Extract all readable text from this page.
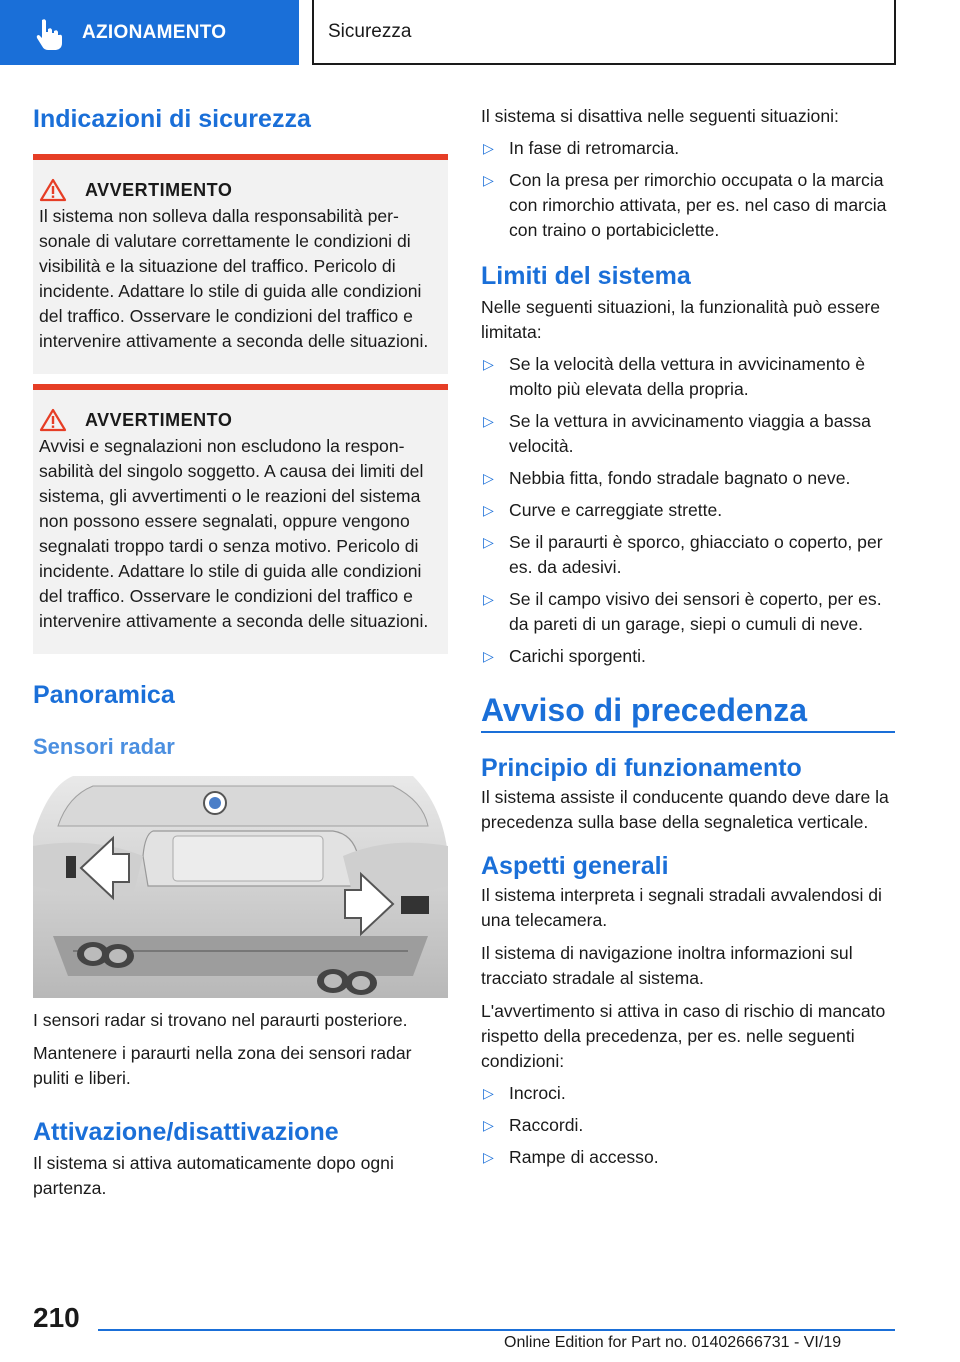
AZIONAMENTO	Sicurezza
Indicazioni di sicurezza
AVVERTIMENTO

Il sistema non solleva dalla responsabilità personale di valutare correttamente le condizioni di visibilità e la situazione del traffico. Pericolo di incidente. Adattare lo stile di guida alle condizioni del traffico. Osservare le condizioni del traffico e intervenire attivamente a seconda delle situazioni.

AVVERTIMENTO

Avvisi e segnalazioni non escludono la responsabilità del singolo soggetto. A causa dei limiti del sistema, gli avvertimenti o le reazioni del sistema non possono essere segnalati, oppure vengono segnalati troppo tardi o senza motivo. Pericolo di incidente. Adattare lo stile di guida alle condizioni del traffico. Osservare le condizioni del traffico e intervenire attivamente a seconda delle situazioni.

Panoramica
Sensori radar

I sensori radar si trovano nel paraurti posteriore.

Mantenere i paraurti nella zona dei sensori radar puliti e liberi.

Attivazione/disattivazione

Il sistema si attiva automaticamente dopo ogni partenza.

Il sistema si disattiva nelle seguenti situazioni:

▷ In fase di retromarcia.
▷ Con la presa per rimorchio occupata o la marcia con rimorchio attivata, per es. nel caso di marcia con traino o portabiciclette.
Limiti del sistema

Nelle seguenti situazioni, la funzionalità può essere limitata:

▷ Se la velocità della vettura in avvicinamento è molto più elevata della propria.
▷ Se la vettura in avvicinamento viaggia a bassa velocità.
▷ Nebbia fitta, fondo stradale bagnato o neve.
▷ Curve e carreggiate strette.
▷ Se il paraurti è sporco, ghiacciato o coperto, per es. da adesivi.
▷ Se il campo visivo dei sensori è coperto, per es. da pareti di un garage, siepi o cumuli di neve.
▷ Carichi sporgenti.
Avviso di precedenza
Principio di funzionamento

Il sistema assiste il conducente quando deve dare la precedenza sulla base della segnaletica verticale.

Aspetti generali

Il sistema interpreta i segnali stradali avvalendosi di una telecamera.

Il sistema di navigazione inoltra informazioni sul tracciato stradale al sistema.

L'avvertimento si attiva in caso di rischio di mancato rispetto della precedenza, per es. nelle seguenti condizioni:

▷ Incroci.
▷ Raccordi.
▷ Rampe di accesso.
210
Online Edition for Part no. 01402666731 - VI/19
